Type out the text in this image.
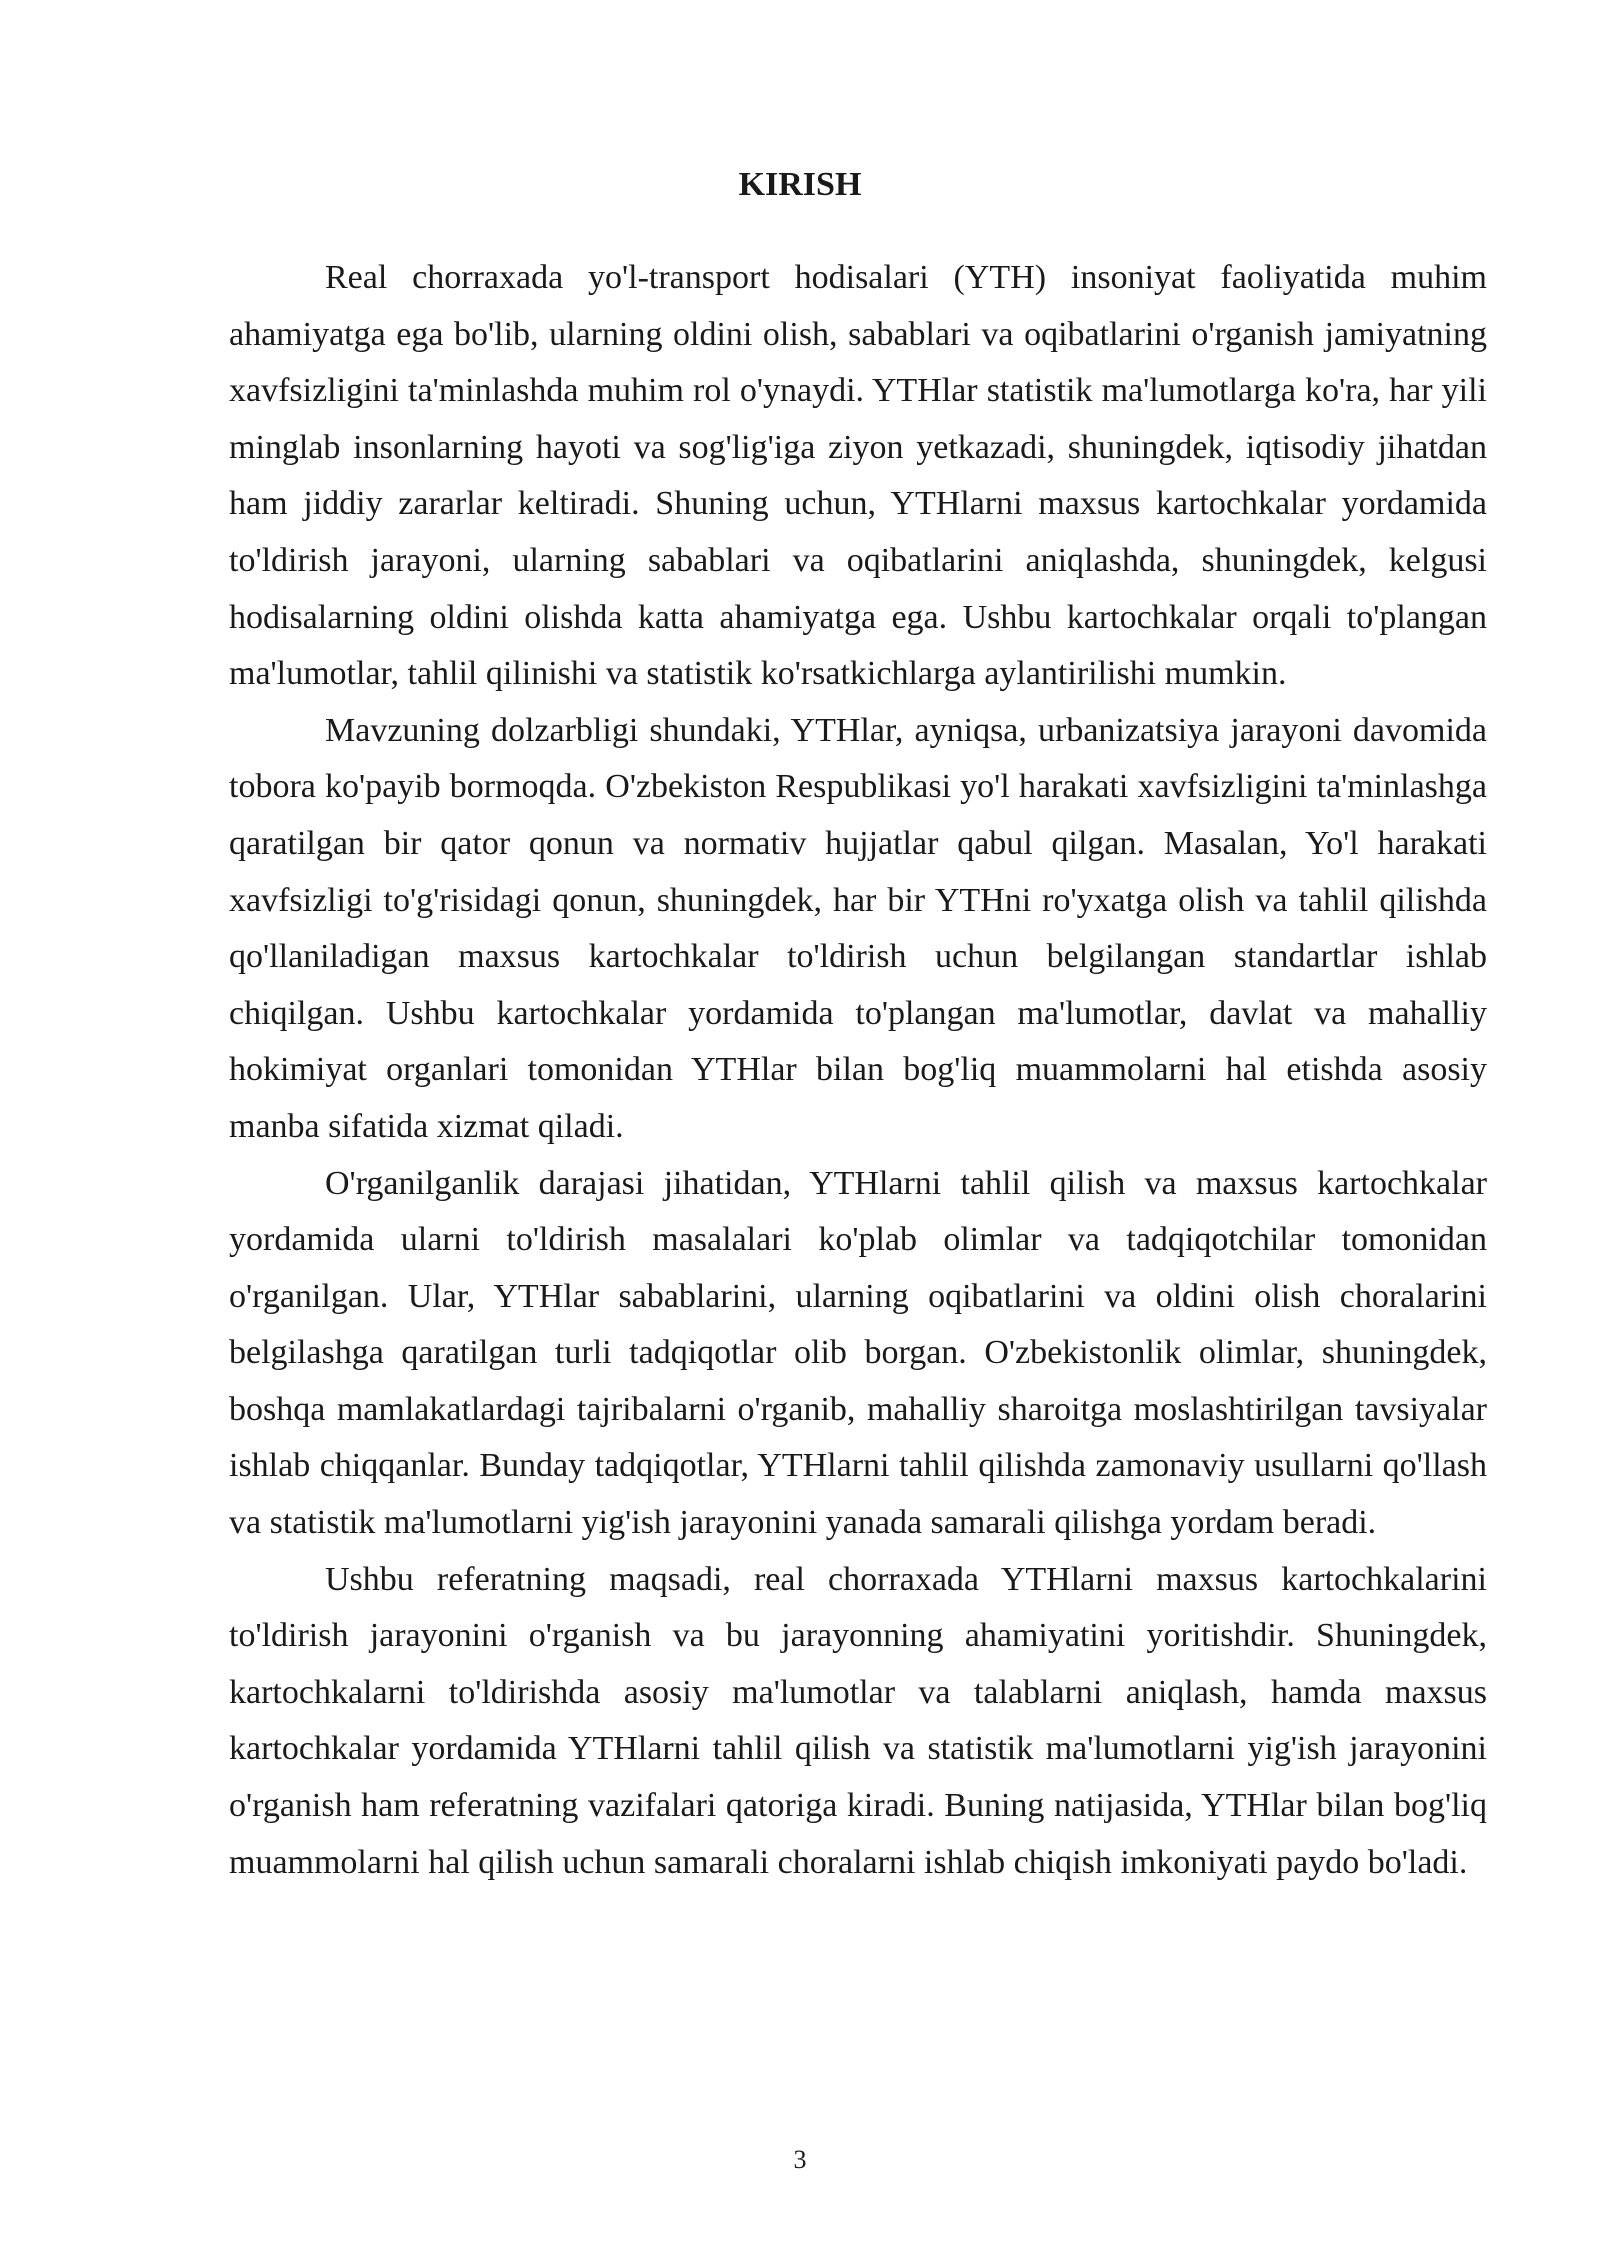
KIRISH

Real chorraxada yo'l-transport hodisalari (YTH) insoniyat faoliyatida muhim ahamiyatga ega bo'lib, ularning oldini olish, sabablari va oqibatlarini o'rganish jamiyatning xavfsizligini ta'minlashda muhim rol o'ynaydi. YTHlar statistik ma'lumotlarga ko'ra, har yili minglab insonlarning hayoti va sog'lig'iga ziyon yetkazadi, shuningdek, iqtisodiy jihatdan ham jiddiy zararlar keltiradi. Shuning uchun, YTHlarni maxsus kartochkalar yordamida to'ldirish jarayoni, ularning sabablari va oqibatlarini aniqlashda, shuningdek, kelgusi hodisalarning oldini olishda katta ahamiyatga ega. Ushbu kartochkalar orqali to'plangan ma'lumotlar, tahlil qilinishi va statistik ko'rsatkichlarga aylantirilishi mumkin.

Mavzuning dolzarbligi shundaki, YTHlar, ayniqsa, urbanizatsiya jarayoni davomida tobora ko'payib bormoqda. O'zbekiston Respublikasi yo'l harakati xavfsizligini ta'minlashga qaratilgan bir qator qonun va normativ hujjatlar qabul qilgan. Masalan, Yo'l harakati xavfsizligi to'g'risidagi qonun, shuningdek, har bir YTHni ro'yxatga olish va tahlil qilishda qo'llaniladigan maxsus kartochkalar to'ldirish uchun belgilangan standartlar ishlab chiqilgan. Ushbu kartochkalar yordamida to'plangan ma'lumotlar, davlat va mahalliy hokimiyat organlari tomonidan YTHlar bilan bog'liq muammolarni hal etishda asosiy manba sifatida xizmat qiladi.

O'rganilganlik darajasi jihatidan, YTHlarni tahlil qilish va maxsus kartochkalar yordamida ularni to'ldirish masalalari ko'plab olimlar va tadqiqotchilar tomonidan o'rganilgan. Ular, YTHlar sabablarini, ularning oqibatlarini va oldini olish choralarini belgilashga qaratilgan turli tadqiqotlar olib borgan. O'zbekistonlik olimlar, shuningdek, boshqa mamlakatlardagi tajribalarni o'rganib, mahalliy sharoitga moslashtirilgan tavsiyalar ishlab chiqqanlar. Bunday tadqiqotlar, YTHlarni tahlil qilishda zamonaviy usullarni qo'llash va statistik ma'lumotlarni yig'ish jarayonini yanada samarali qilishga yordam beradi.

Ushbu referatning maqsadi, real chorraxada YTHlarni maxsus kartochkalarini to'ldirish jarayonini o'rganish va bu jarayonning ahamiyatini yoritishdir. Shuningdek, kartochkalarni to'ldirishda asosiy ma'lumotlar va talablarni aniqlash, hamda maxsus kartochkalar yordamida YTHlarni tahlil qilish va statistik ma'lumotlarni yig'ish jarayonini o'rganish ham referatning vazifalari qatoriga kiradi. Buning natijasida, YTHlar bilan bog'liq muammolarni hal qilish uchun samarali choralarni ishlab chiqish imkoniyati paydo bo'ladi.

3
